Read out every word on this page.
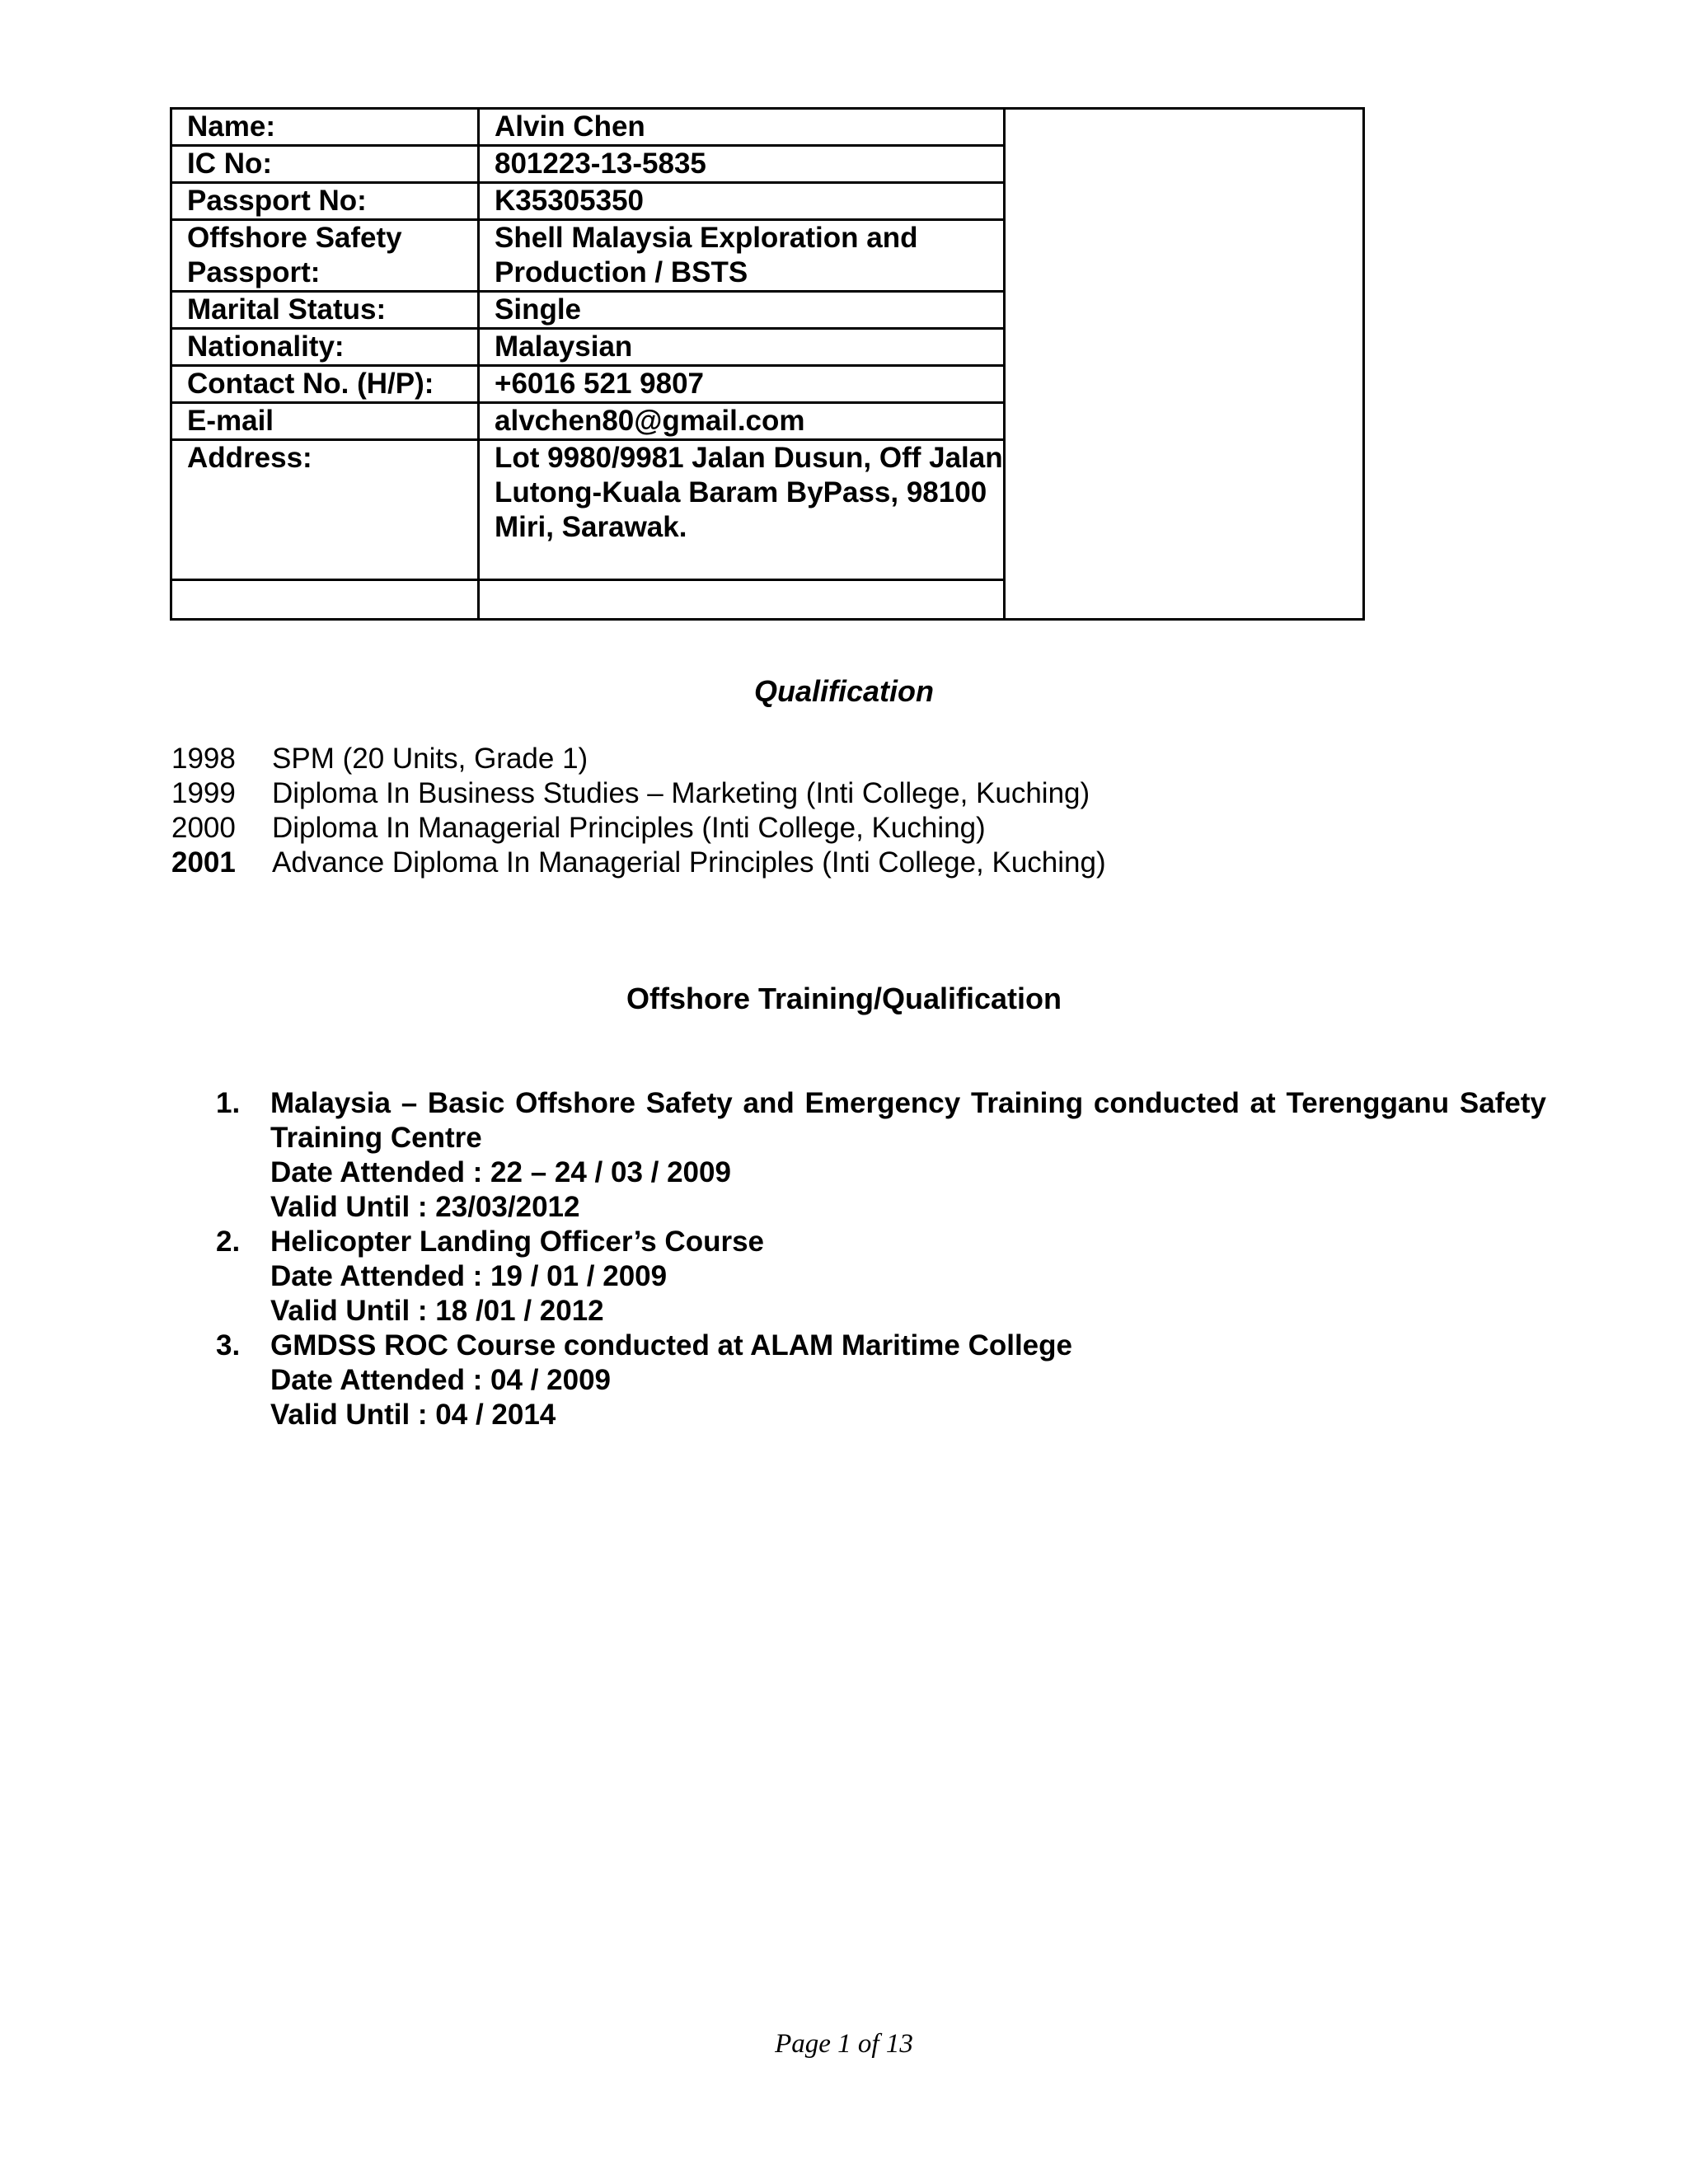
Name:	Alvin Chen	
IC No:	801223-13-5835	
Passport No:	K35305350	
Offshore Safety Passport:	Shell Malaysia Exploration and Production / BSTS	
Marital Status:	Single	
Nationality:	Malaysian	
Contact No. (H/P):	+6016 521 9807	
E-mail	alvchen80@gmail.com	
Address:	Lot 9980/9981 Jalan Dusun, Off Jalan Lutong-Kuala Baram ByPass, 98100 Miri, Sarawak.	

Qualification
1998 SPM (20 Units, Grade 1)
1999 Diploma In Business Studies – Marketing (Inti College, Kuching)
2000 Diploma In Managerial Principles (Inti College, Kuching)
2001 Advance Diploma In Managerial Principles (Inti College, Kuching)
Offshore Training/Qualification
1. Malaysia – Basic Offshore Safety and Emergency Training conducted at Terengganu Safety Training Centre
Date Attended : 22 – 24 / 03 / 2009
Valid Until : 23/03/2012
2. Helicopter Landing Officer’s Course
Date Attended : 19 / 01 / 2009
Valid Until : 18 /01 / 2012
3. GMDSS ROC Course conducted at ALAM Maritime College
Date Attended : 04 / 2009
Valid Until : 04 / 2014
Page 1 of 13
